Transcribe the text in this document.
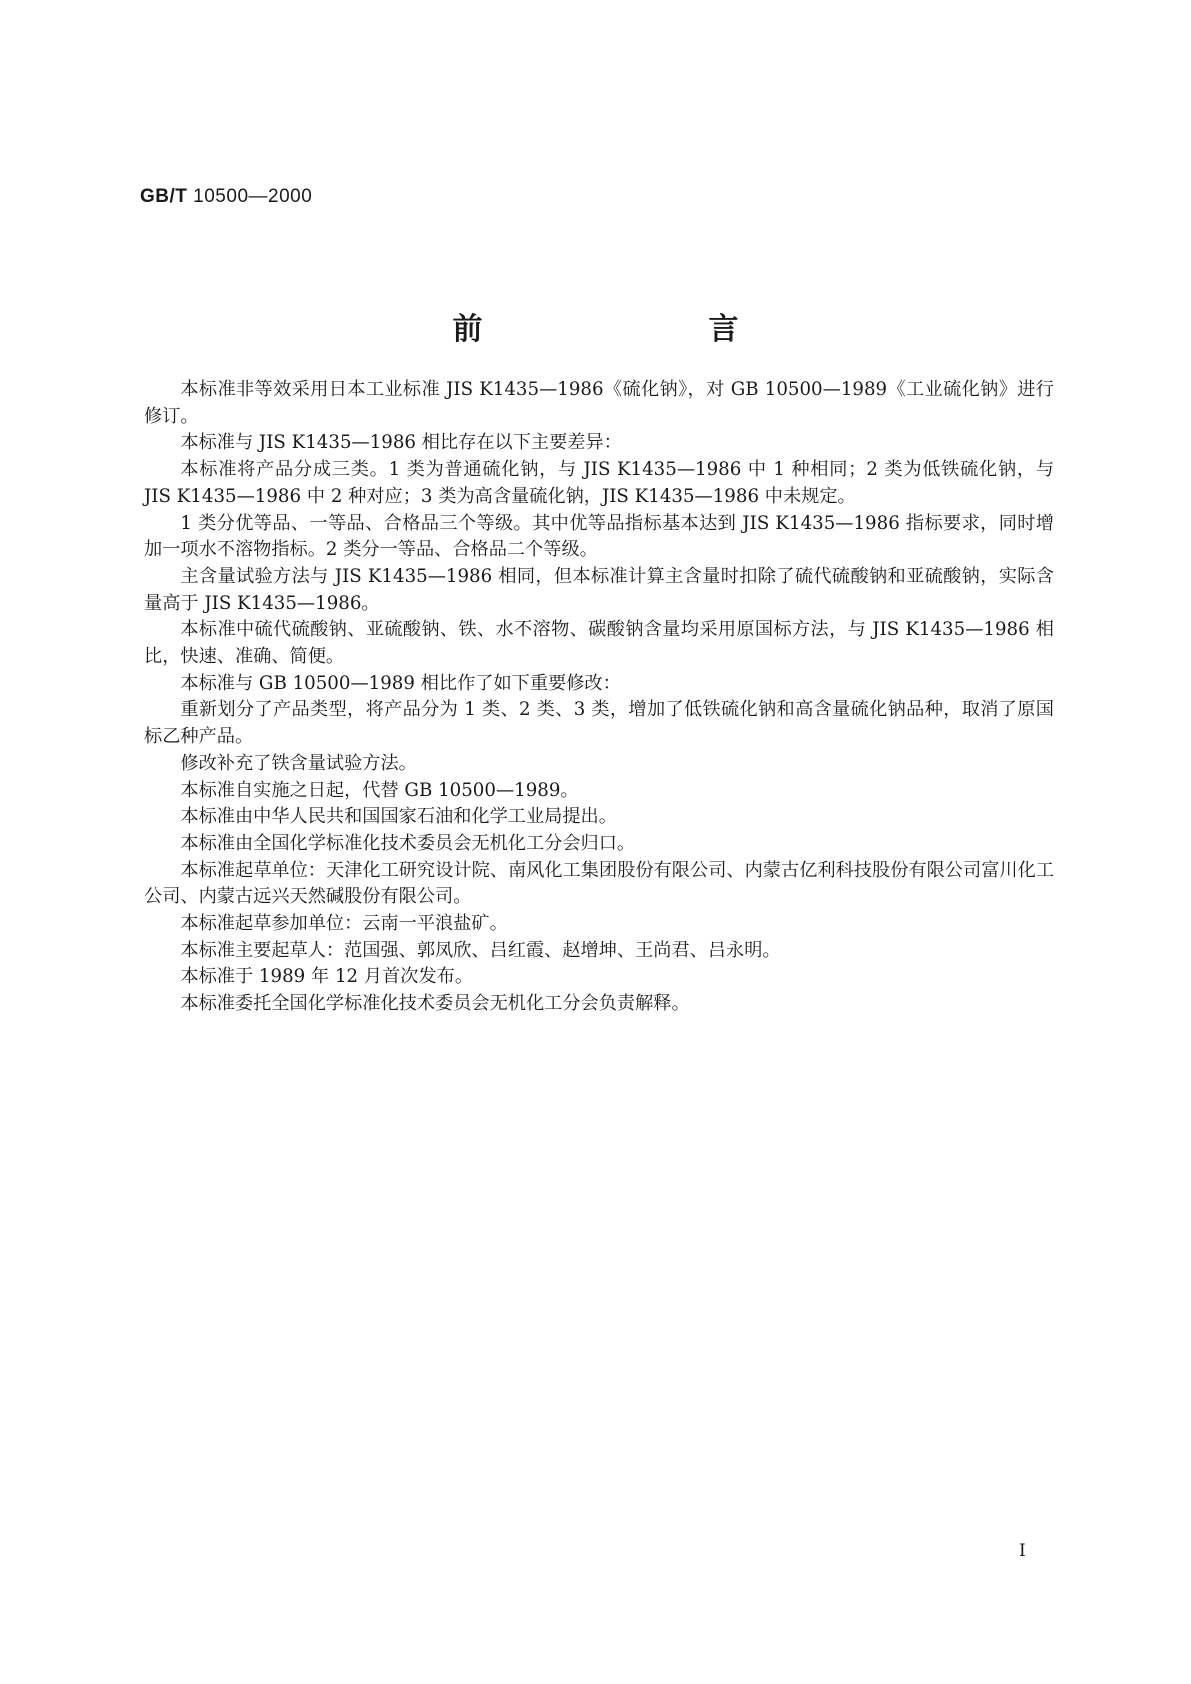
GB/T 10500—2000
前　言

本标准非等效采用日本工业标准 JIS K1435—1986《硫化钠》，对 GB 10500—1989《工业硫化钠》进行修订。

本标准与 JIS K1435—1986 相比存在以下主要差异：

本标准将产品分成三类。1 类为普通硫化钠，与 JIS K1435—1986 中 1 种相同；2 类为低铁硫化钠，与 JIS K1435—1986 中 2 种对应；3 类为高含量硫化钠，JIS K1435—1986 中未规定。

1 类分优等品、一等品、合格品三个等级。其中优等品指标基本达到 JIS K1435—1986 指标要求，同时增加一项水不溶物指标。2 类分一等品、合格品二个等级。

主含量试验方法与 JIS K1435—1986 相同，但本标准计算主含量时扣除了硫代硫酸钠和亚硫酸钠，实际含量高于 JIS K1435—1986。

本标准中硫代硫酸钠、亚硫酸钠、铁、水不溶物、碳酸钠含量均采用原国标方法，与 JIS K1435—1986 相比，快速、准确、简便。

本标准与 GB 10500—1989 相比作了如下重要修改：

重新划分了产品类型，将产品分为 1 类、2 类、3 类，增加了低铁硫化钠和高含量硫化钠品种，取消了原国标乙种产品。

修改补充了铁含量试验方法。

本标准自实施之日起，代替 GB 10500—1989。

本标准由中华人民共和国国家石油和化学工业局提出。

本标准由全国化学标准化技术委员会无机化工分会归口。

本标准起草单位：天津化工研究设计院、南风化工集团股份有限公司、内蒙古亿利科技股份有限公司富川化工公司、内蒙古远兴天然碱股份有限公司。

本标准起草参加单位：云南一平浪盐矿。

本标准主要起草人：范国强、郭凤欣、吕红霞、赵增坤、王尚君、吕永明。

本标准于 1989 年 12 月首次发布。

本标准委托全国化学标准化技术委员会无机化工分会负责解释。

I
